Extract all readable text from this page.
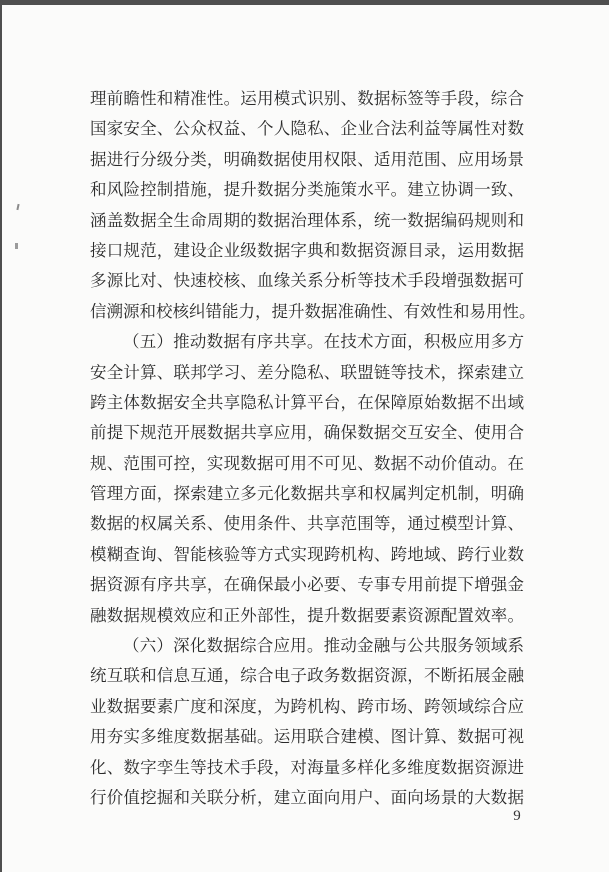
理前瞻性和精准性。运用模式识别、数据标签等手段，综合
国家安全、公众权益、个人隐私、企业合法利益等属性对数
据进行分级分类，明确数据使用权限、适用范围、应用场景
和风险控制措施，提升数据分类施策水平。建立协调一致、
涵盖数据全生命周期的数据治理体系，统一数据编码规则和
接口规范，建设企业级数据字典和数据资源目录，运用数据
多源比对、快速校核、血缘关系分析等技术手段增强数据可
信溯源和校核纠错能力，提升数据准确性、有效性和易用性。
（五）推动数据有序共享。在技术方面，积极应用多方
安全计算、联邦学习、差分隐私、联盟链等技术，探索建立
跨主体数据安全共享隐私计算平台，在保障原始数据不出域
前提下规范开展数据共享应用，确保数据交互安全、使用合
规、范围可控，实现数据可用不可见、数据不动价值动。在
管理方面，探索建立多元化数据共享和权属判定机制，明确
数据的权属关系、使用条件、共享范围等，通过模型计算、
模糊查询、智能核验等方式实现跨机构、跨地域、跨行业数
据资源有序共享，在确保最小必要、专事专用前提下增强金
融数据规模效应和正外部性，提升数据要素资源配置效率。
（六）深化数据综合应用。推动金融与公共服务领域系
统互联和信息互通，综合电子政务数据资源，不断拓展金融
业数据要素广度和深度，为跨机构、跨市场、跨领域综合应
用夯实多维度数据基础。运用联合建模、图计算、数据可视
化、数字孪生等技术手段，对海量多样化多维度数据资源进
行价值挖掘和关联分析，建立面向用户、面向场景的大数据
9
